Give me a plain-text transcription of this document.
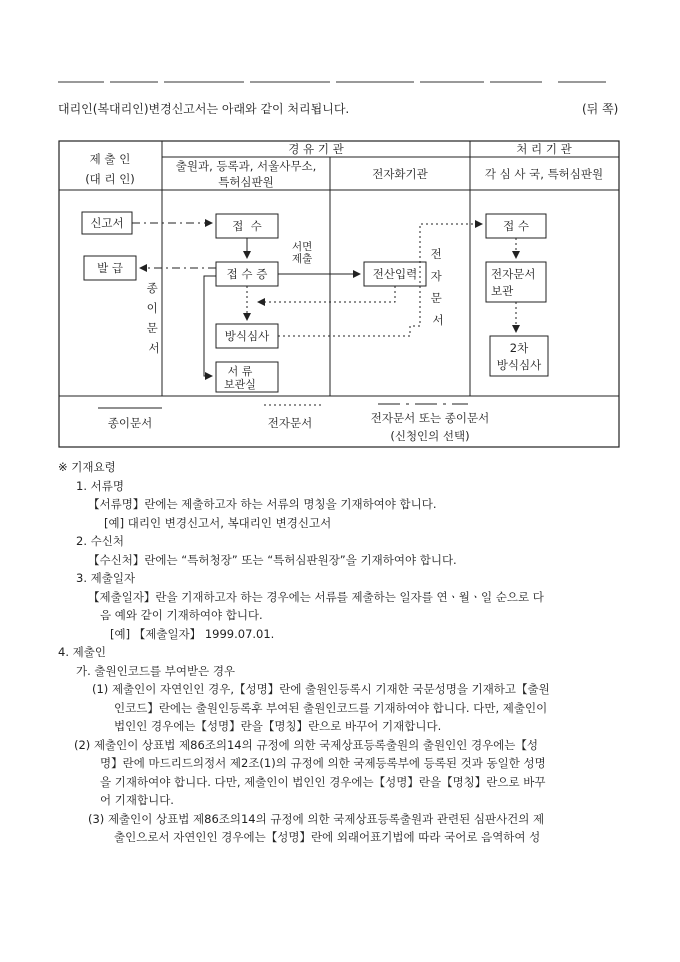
대리인(복대리인)변경신고서는 아래와 같이 처리됩니다.	(뒤 쪽)
제 출 인
(대 리 인)
경 유 기 관
출원과, 등록과, 서울사무소,
특허심판원
전자화기관
처 리 기 관
각 심 사 국, 특허심판원
신고서
발 급
접  수
접 수 증
방식심사
서 류
보관실
전산입력
접 수
전자문서
보관
2차
방식심사
서면
제출
종 이 문 서
전 자 문 서
종이문서	전자문서	전자문서 또는 종이문서
(신청인의 선택)
※ 기재요령
1. 서류명
【서류명】란에는 제출하고자 하는 서류의 명칭을 기재하여야 합니다.
[예] 대리인 변경신고서, 복대리인 변경신고서
2. 수신처
【수신처】란에는 “특허청장” 또는 “특허심판원장”을 기재하여야 합니다.
3. 제출일자
【제출일자】란을 기재하고자 하는 경우에는 서류를 제출하는 일자를 연ㆍ월ㆍ일 순으로 다
음 예와 같이 기재하여야 합니다.
[예] 【제출일자】 1999.07.01.
4. 제출인
가. 출원인코드를 부여받은 경우
(1) 제출인이 자연인인 경우,【성명】란에 출원인등록시 기재한 국문성명을 기재하고【출원
인코드】란에는 출원인등록후 부여된 출원인코드를 기재하여야 합니다. 다만, 제출인이
법인인 경우에는【성명】란을【명칭】란으로 바꾸어 기재합니다.
(2) 제출인이 상표법 제86조의14의 규정에 의한 국제상표등록출원의 출원인인 경우에는【성
명】란에 마드리드의정서 제2조(1)의 규정에 의한 국제등록부에 등록된 것과 동일한 성명
을 기재하여야 합니다. 다만, 제출인이 법인인 경우에는【성명】란을【명칭】란으로 바꾸
어 기재합니다.
(3) 제출인이 상표법 제86조의14의 규정에 의한 국제상표등록출원과 관련된 심판사건의 제
출인으로서 자연인인 경우에는【성명】란에 외래어표기법에 따라 국어로 음역하여 성
